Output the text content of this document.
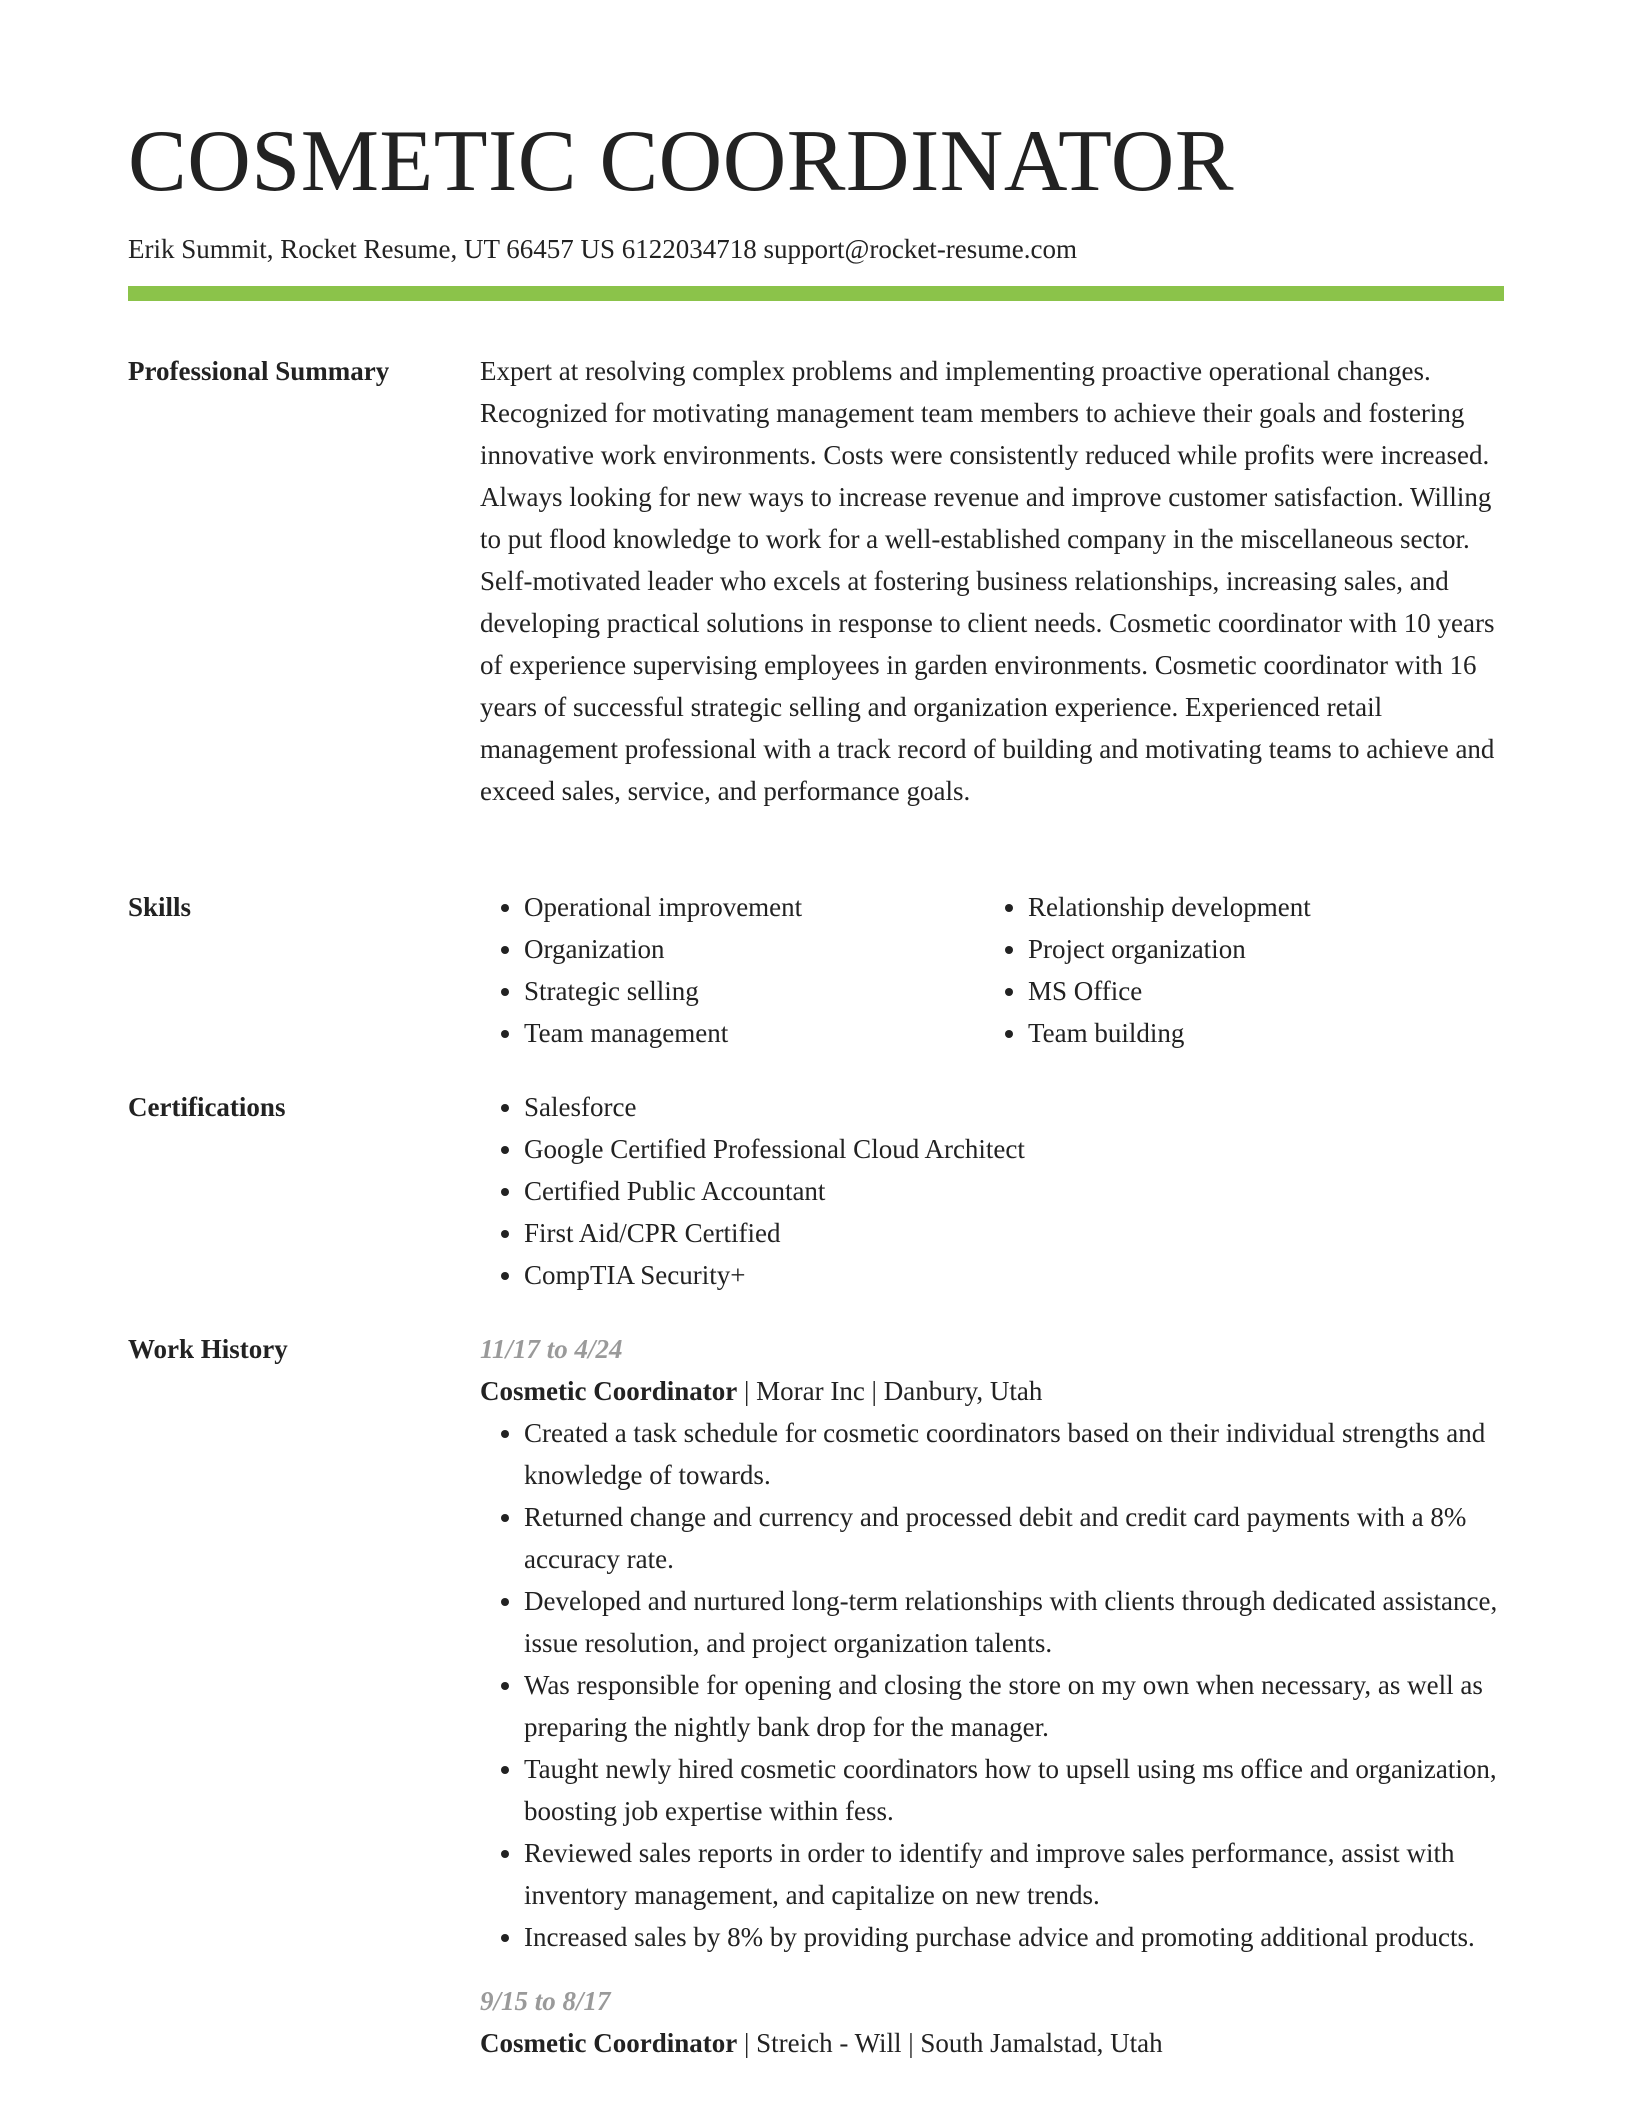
COSMETIC COORDINATOR
Erik Summit, Rocket Resume, UT 66457 US 6122034718 support@rocket-resume.com
Professional Summary	Expert at resolving complex problems and implementing proactive operational changes. Recognized for motivating management team members to achieve their goals and fostering innovative work environments. Costs were consistently reduced while profits were increased. Always looking for new ways to increase revenue and improve customer satisfaction. Willing to put flood knowledge to work for a well-established company in the miscellaneous sector. Self-motivated leader who excels at fostering business relationships, increasing sales, and developing practical solutions in response to client needs. Cosmetic coordinator with 10 years of experience supervising employees in garden environments. Cosmetic coordinator with 16 years of successful strategic selling and organization experience. Experienced retail management professional with a track record of building and motivating teams to achieve and exceed sales, service, and performance goals.

Skills	• Operational improvement
• Organization
• Strategic selling
• Team management
• Relationship development
• Project organization
• MS Office
• Team building
Certifications	• Salesforce
• Google Certified Professional Cloud Architect
• Certified Public Accountant
• First Aid/CPR Certified
• CompTIA Security+
Work History	11/17 to 4/24
Cosmetic Coordinator | Morar Inc | Danbury, Utah
• Created a task schedule for cosmetic coordinators based on their individual strengths and knowledge of towards.
• Returned change and currency and processed debit and credit card payments with a 8% accuracy rate.
• Developed and nurtured long-term relationships with clients through dedicated assistance, issue resolution, and project organization talents.
• Was responsible for opening and closing the store on my own when necessary, as well as preparing the nightly bank drop for the manager.
• Taught newly hired cosmetic coordinators how to upsell using ms office and organization, boosting job expertise within fess.
• Reviewed sales reports in order to identify and improve sales performance, assist with inventory management, and capitalize on new trends.
• Increased sales by 8% by providing purchase advice and promoting additional products.
9/15 to 8/17
Cosmetic Coordinator | Streich - Will | South Jamalstad, Utah
